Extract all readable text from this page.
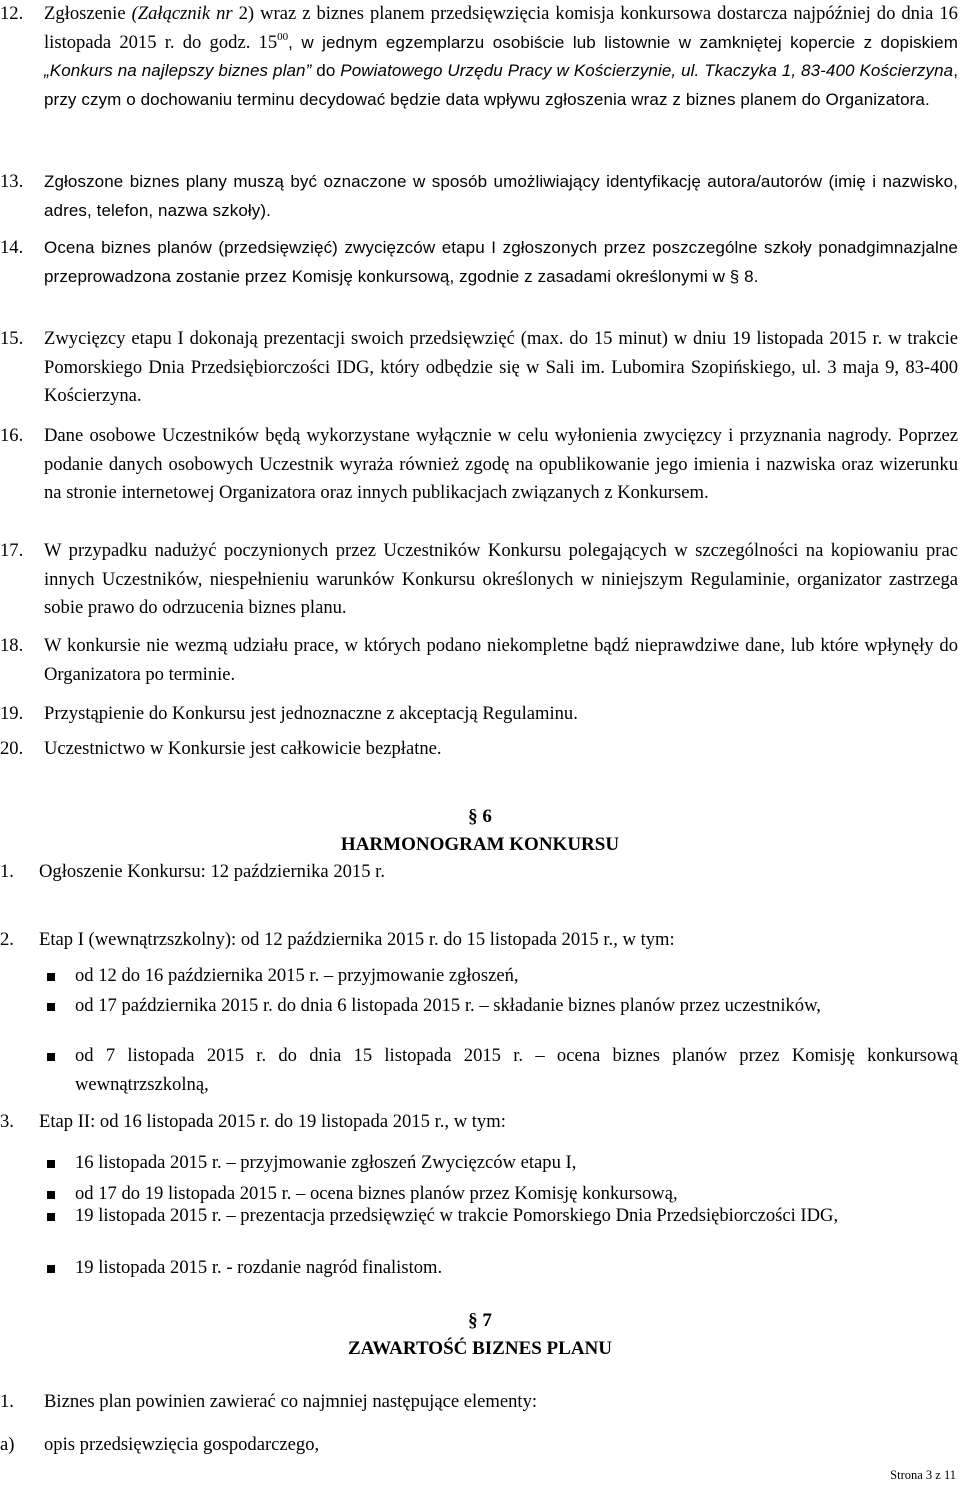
12. Zgłoszenie (Załącznik nr 2) wraz z biznes planem przedsięwzięcia komisja konkursowa dostarcza najpóźniej do dnia 16 listopada 2015 r. do godz. $15^{00}$, w jednym egzemplarzu osobiście lub listownie w zamkniętej kopercie z dopiskiem „Konkurs na najlepszy biznes plan” do Powiatowego Urzędu Pracy w Kościerzynie, ul. Tkaczyka 1, 83-400 Kościerzyna, przy czym o dochowaniu terminu decydować będzie data wpływu zgłoszenia wraz z biznes planem do Organizatora.
13. Zgłoszone biznes plany muszą być oznaczone w sposób umożliwiający identyfikację autora/autorów (imię i nazwisko, adres, telefon, nazwa szkoły).
14. Ocena biznes planów (przedsięwzięć) zwycięzców etapu I zgłoszonych przez poszczególne szkoły ponadgimnazjalne przeprowadzona zostanie przez Komisję konkursową, zgodnie z zasadami określonymi w § 8.
15. Zwycięzcy etapu I dokonają prezentacji swoich przedsięwzięć (max. do 15 minut) w dniu 19 listopada 2015 r. w trakcie Pomorskiego Dnia Przedsiębiorczości IDG, który odbędzie się w Sali im. Lubomira Szopińskiego, ul. 3 maja 9, 83-400 Kościerzyna.
16. Dane osobowe Uczestników będą wykorzystane wyłącznie w celu wyłonienia zwycięzcy i przyznania nagrody. Poprzez podanie danych osobowych Uczestnik wyraża również zgodę na opublikowanie jego imienia i nazwiska oraz wizerunku na stronie internetowej Organizatora oraz innych publikacjach związanych z Konkursem.
17. W przypadku nadużyć poczynionych przez Uczestników Konkursu polegających w szczególności na kopiowaniu prac innych Uczestników, niespełnieniu warunków Konkursu określonych w niniejszym Regulaminie, organizator zastrzega sobie prawo do odrzucenia biznes planu.
18. W konkursie nie wezmą udziału prace, w których podano niekompletne bądź nieprawdziwe dane, lub które wpłynęły do Organizatora po terminie.
19. Przystąpienie do Konkursu jest jednoznaczne z akceptacją Regulaminu.
20. Uczestnictwo w Konkursie jest całkowicie bezpłatne.
§ 6
HARMONOGRAM KONKURSU
1. Ogłoszenie Konkursu: 12 października 2015 r.
2. Etap I (wewnątrzszkolny): od 12 października 2015 r. do 15 listopada 2015 r., w tym:
od 12 do 16 października 2015 r. – przyjmowanie zgłoszeń,
od 17 października 2015 r. do dnia 6 listopada 2015 r. – składanie biznes planów przez uczestników,
od 7 listopada 2015 r. do dnia 15 listopada 2015 r. – ocena biznes planów przez Komisję konkursową wewnątrzszkolną,
3. Etap II: od 16 listopada 2015 r. do 19 listopada 2015 r., w tym:
16 listopada 2015 r. – przyjmowanie zgłoszeń Zwycięzców etapu I,
od 17 do 19 listopada 2015 r. – ocena biznes planów przez Komisję konkursową,
19 listopada 2015 r. – prezentacja przedsięwzięć w trakcie Pomorskiego Dnia Przedsiębiorczości IDG,
19 listopada 2015 r. - rozdanie nagród finalistom.
§ 7
ZAWARTOŚĆ BIZNES PLANU
1. Biznes plan powinien zawierać co najmniej następujące elementy:
a) opis przedsięwzięcia gospodarczego,
Strona 3 z 11
